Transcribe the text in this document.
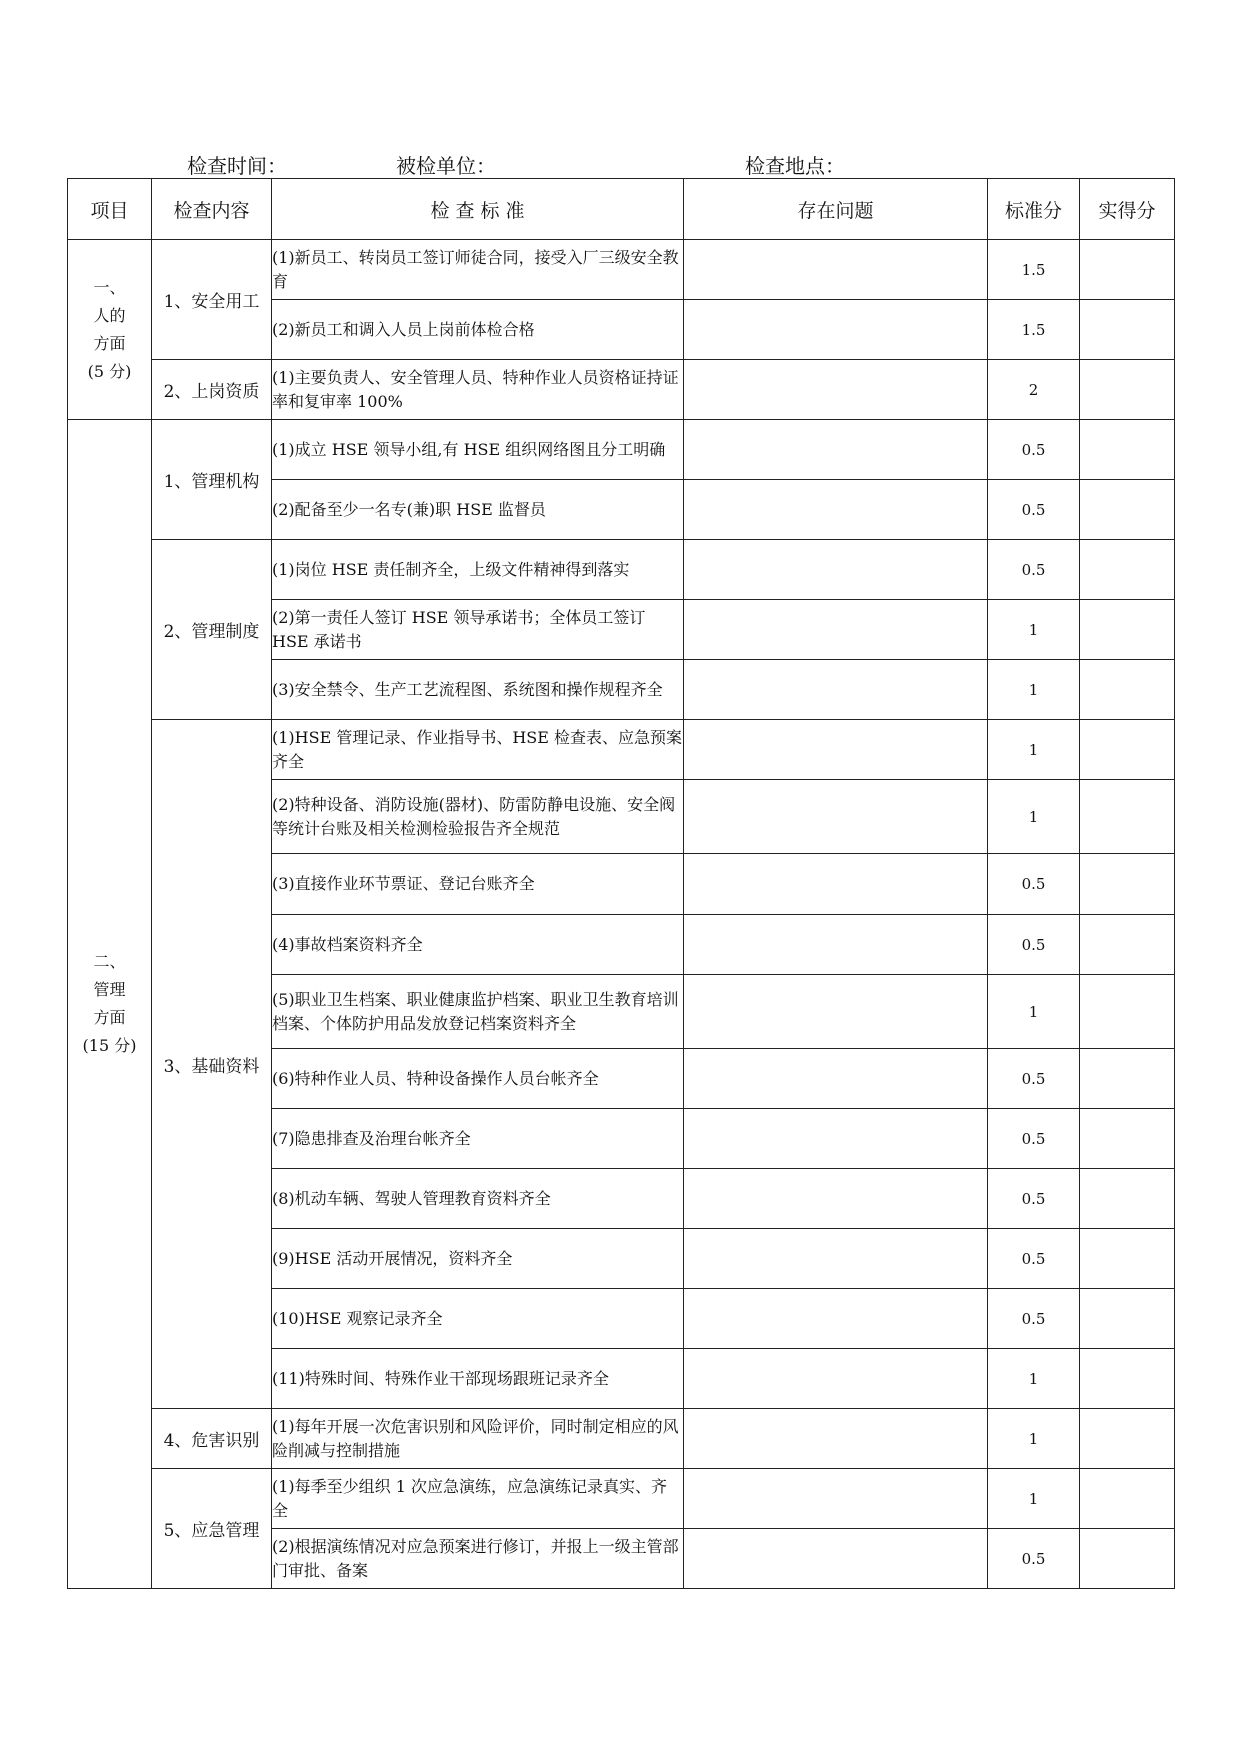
检查时间：	被检单位：	检查地点：
项目	检查内容	检 查 标 准	存在问题	标准分	实得分

一、
人的
方面
(5 分)	1、安全用工	(1)新员工、转岗员工签订师徒合同，接受入厂三级安全教育		1.5	
		(2)新员工和调入人员上岗前体检合格		1.5	
	2、上岗资质	(1)主要负责人、安全管理人员、特种作业人员资格证持证率和复审率 100%		2	

二、
管理
方面
(15 分)	1、管理机构	(1)成立 HSE 领导小组,有 HSE 组织网络图且分工明确		0.5	
		(2)配备至少一名专(兼)职 HSE 监督员		0.5	
	2、管理制度	(1)岗位 HSE 责任制齐全，上级文件精神得到落实		0.5	
		(2)第一责任人签订 HSE 领导承诺书；全体员工签订 HSE 承诺书		1	
		(3)安全禁令、生产工艺流程图、系统图和操作规程齐全		1	
	3、基础资料	(1)HSE 管理记录、作业指导书、HSE 检查表、应急预案齐全		1	
		(2)特种设备、消防设施(器材)、防雷防静电设施、安全阀等统计台账及相关检测检验报告齐全规范		1	
		(3)直接作业环节票证、登记台账齐全		0.5	
		(4)事故档案资料齐全		0.5	
		(5)职业卫生档案、职业健康监护档案、职业卫生教育培训档案、个体防护用品发放登记档案资料齐全		1	
		(6)特种作业人员、特种设备操作人员台帐齐全		0.5	
		(7)隐患排查及治理台帐齐全		0.5	
		(8)机动车辆、驾驶人管理教育资料齐全		0.5	
		(9)HSE 活动开展情况，资料齐全		0.5	
		(10)HSE 观察记录齐全		0.5	
		(11)特殊时间、特殊作业干部现场跟班记录齐全		1	
	4、危害识别	(1)每年开展一次危害识别和风险评价，同时制定相应的风险削减与控制措施		1	
	5、应急管理	(1)每季至少组织 1 次应急演练，应急演练记录真实、齐全		1	
		(2)根据演练情况对应急预案进行修订，并报上一级主管部门审批、备案		0.5	
